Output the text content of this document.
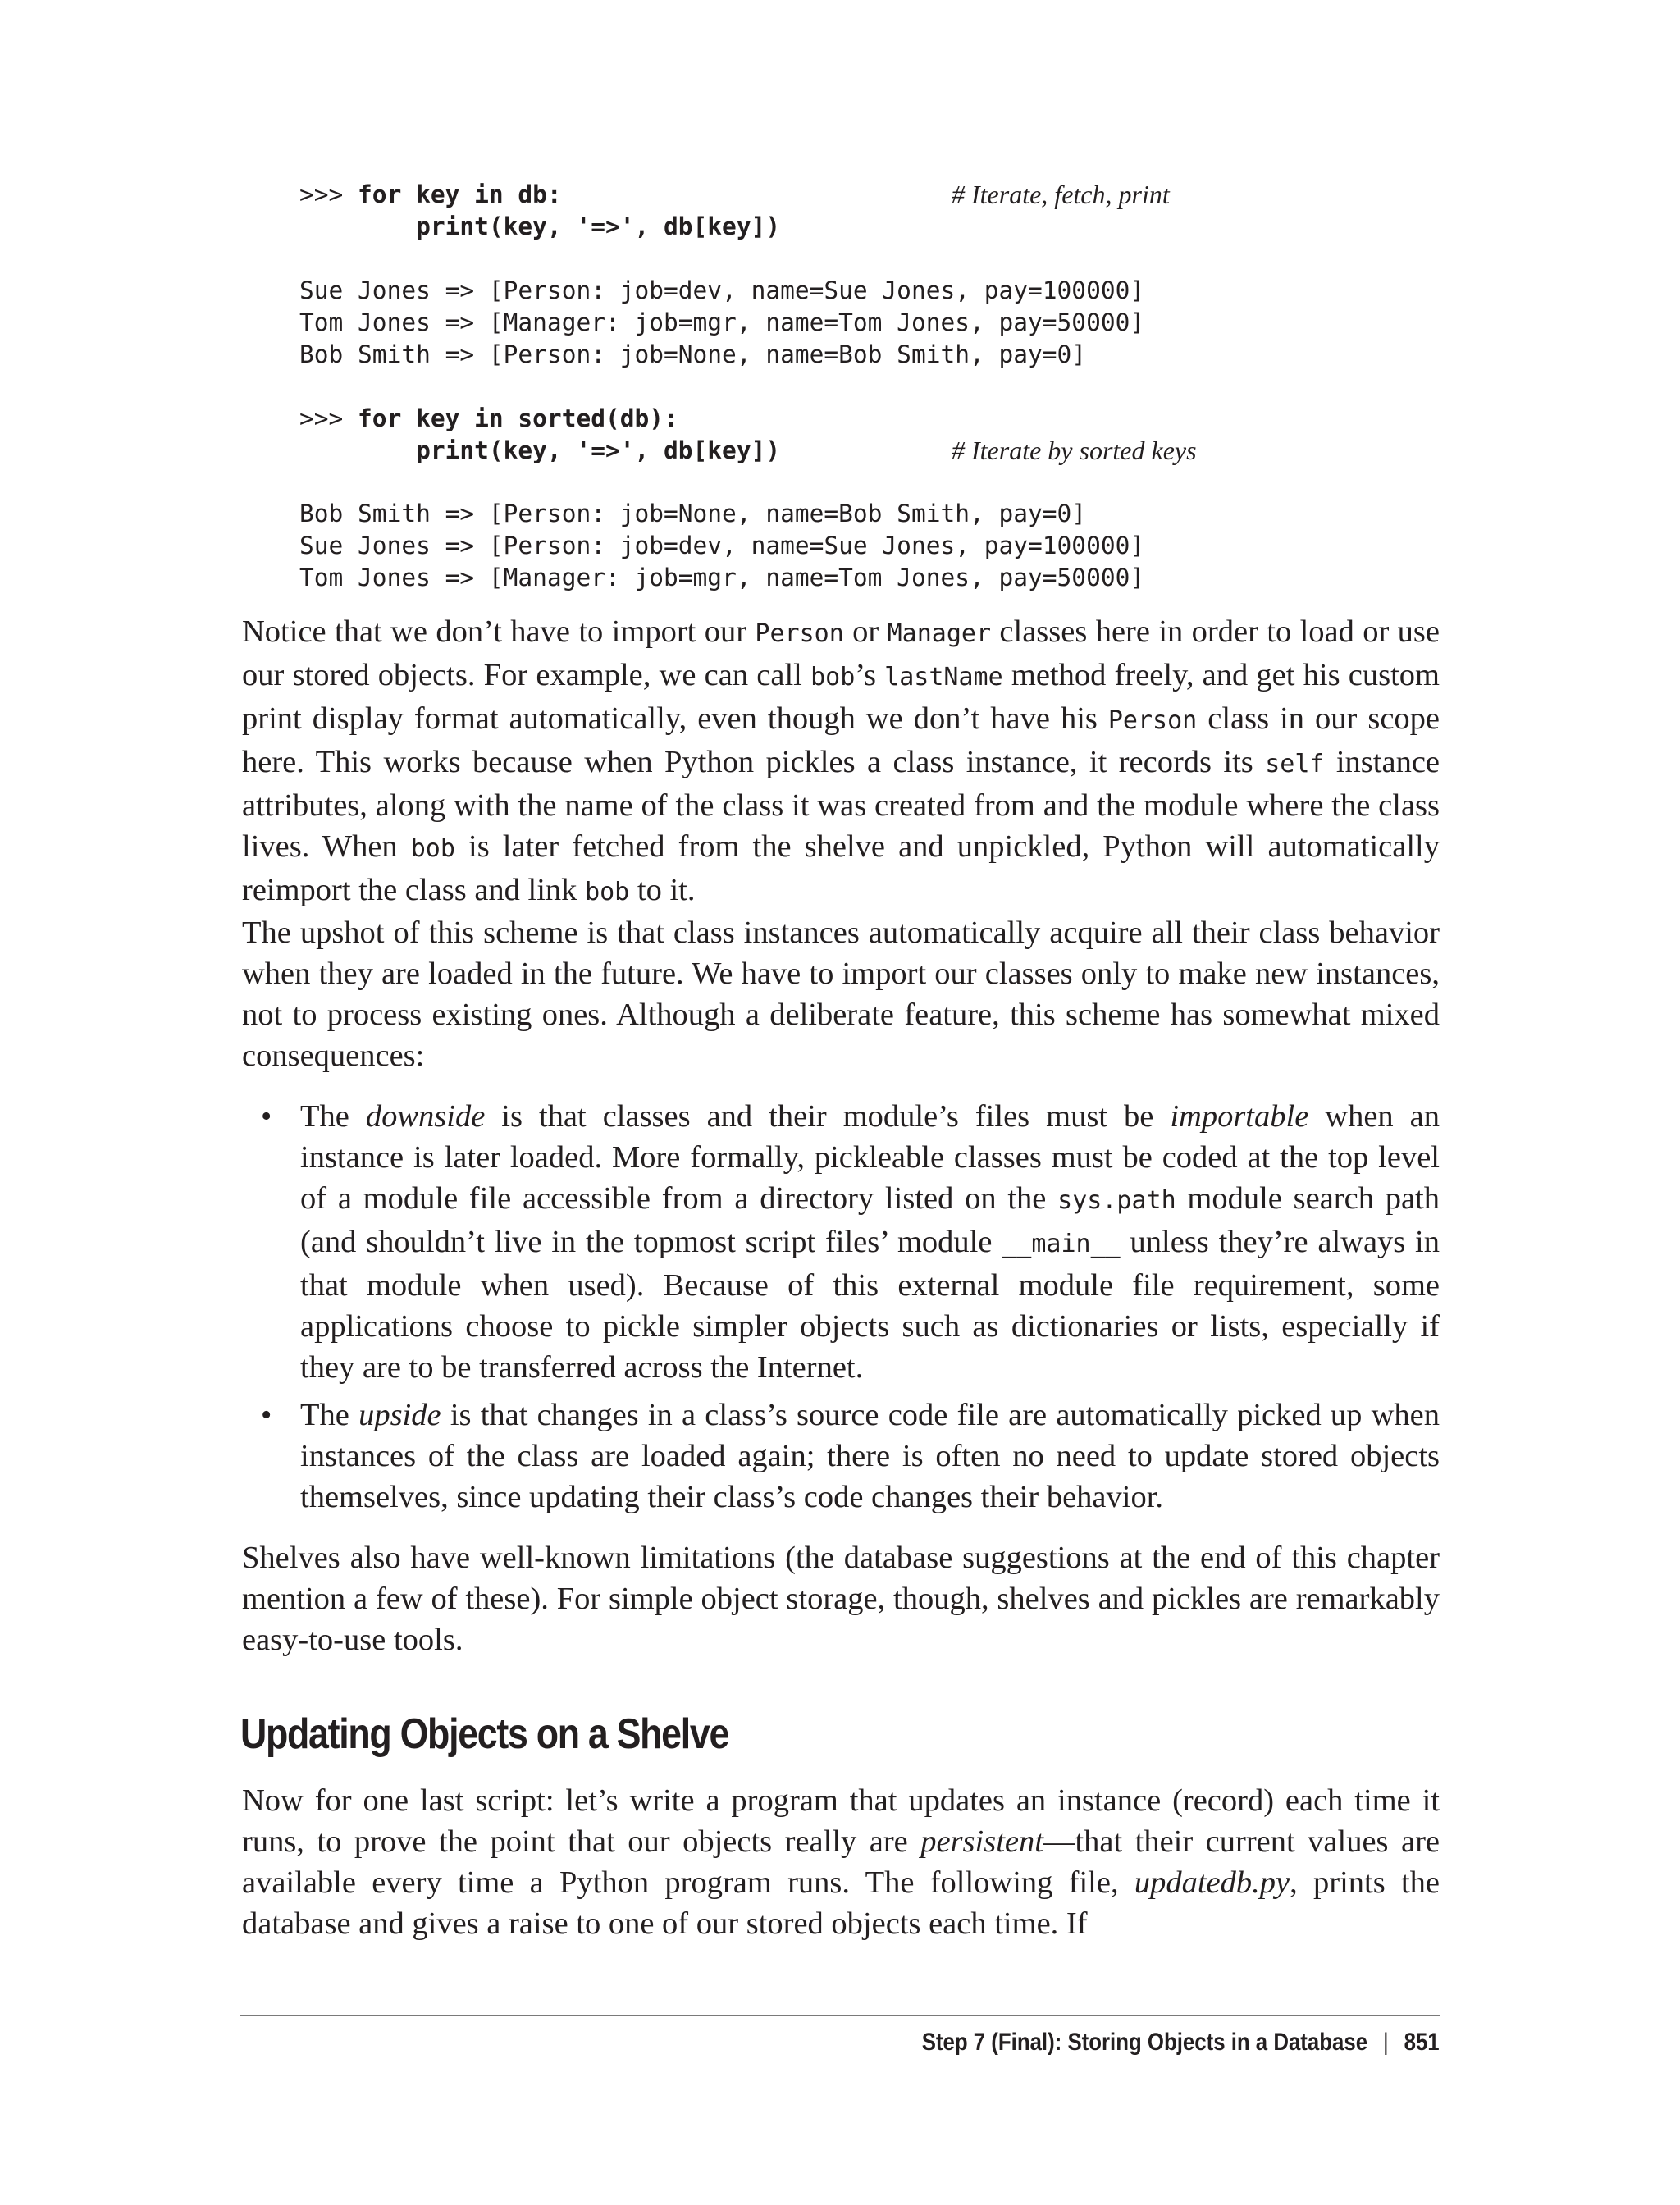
>>> for key in db:	# Iterate, fetch, print
print(key, '=>', db[key])
Sue Jones => [Person: job=dev, name=Sue Jones, pay=100000]
Tom Jones => [Manager: job=mgr, name=Tom Jones, pay=50000]
Bob Smith => [Person: job=None, name=Bob Smith, pay=0]
>>> for key in sorted(db):
print(key, '=>', db[key])	# Iterate by sorted keys
Bob Smith => [Person: job=None, name=Bob Smith, pay=0]
Sue Jones => [Person: job=dev, name=Sue Jones, pay=100000]
Tom Jones => [Manager: job=mgr, name=Tom Jones, pay=50000]

Notice that we don’t have to import our Person or Manager classes here in order to load or use our stored objects. For example, we can call bob’s lastName method freely, and get his custom print display format automatically, even though we don’t have his Person class in our scope here. This works because when Python pickles a class instance, it records its self instance attributes, along with the name of the class it was created from and the module where the class lives. When bob is later fetched from the shelve and unpickled, Python will automatically reimport the class and link bob to it.

The upshot of this scheme is that class instances automatically acquire all their class behavior when they are loaded in the future. We have to import our classes only to make new instances, not to process existing ones. Although a deliberate feature, this scheme has somewhat mixed consequences:

• The downside is that classes and their module’s files must be importable when an instance is later loaded. More formally, pickleable classes must be coded at the top level of a module file accessible from a directory listed on the sys.path module search path (and shouldn’t live in the topmost script files’ module __main__ unless they’re always in that module when used). Because of this external module file requirement, some applications choose to pickle simpler objects such as dictionaries or lists, especially if they are to be transferred across the Internet.

• The upside is that changes in a class’s source code file are automatically picked up when instances of the class are loaded again; there is often no need to update stored objects themselves, since updating their class’s code changes their behavior.

Shelves also have well-known limitations (the database suggestions at the end of this chapter mention a few of these). For simple object storage, though, shelves and pickles are remarkably easy-to-use tools.

Updating Objects on a Shelve

Now for one last script: let’s write a program that updates an instance (record) each time it runs, to prove the point that our objects really are persistent—that their current values are available every time a Python program runs. The following file, updatedb.py, prints the database and gives a raise to one of our stored objects each time. If

Step 7 (Final): Storing Objects in a Database | 851
